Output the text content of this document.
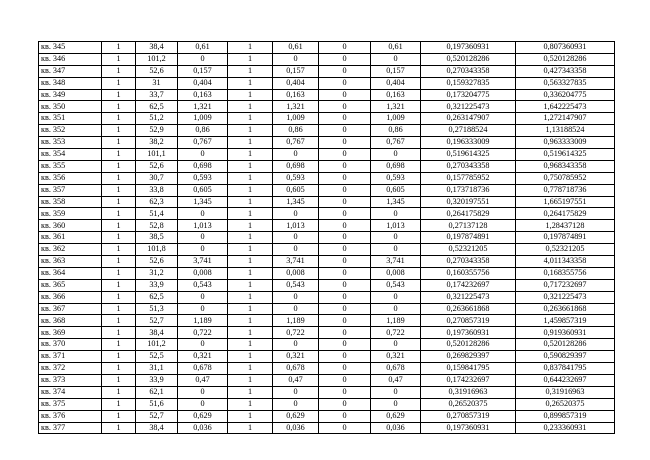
кв. 345	1	38,4	0,61	1	0,61	0	0,61	0,197360931	0,807360931
кв. 346	1	101,2	0	1	0	0	0	0,520128286	0,520128286
кв. 347	1	52,6	0,157	1	0,157	0	0,157	0,270343358	0,427343358
кв. 348	1	31	0,404	1	0,404	0	0,404	0,159327835	0,563327835
кв. 349	1	33,7	0,163	1	0,163	0	0,163	0,173204775	0,336204775
кв. 350	1	62,5	1,321	1	1,321	0	1,321	0,321225473	1,642225473
кв. 351	1	51,2	1,009	1	1,009	0	1,009	0,263147907	1,272147907
кв. 352	1	52,9	0,86	1	0,86	0	0,86	0,27188524	1,13188524
кв. 353	1	38,2	0,767	1	0,767	0	0,767	0,196333009	0,963333009
кв. 354	1	101,1	0	1	0	0	0	0,519614325	0,519614325
кв. 355	1	52,6	0,698	1	0,698	0	0,698	0,270343358	0,968343358
кв. 356	1	30,7	0,593	1	0,593	0	0,593	0,157785952	0,750785952
кв. 357	1	33,8	0,605	1	0,605	0	0,605	0,173718736	0,778718736
кв. 358	1	62,3	1,345	1	1,345	0	1,345	0,320197551	1,665197551
кв. 359	1	51,4	0	1	0	0	0	0,264175829	0,264175829
кв. 360	1	52,8	1,013	1	1,013	0	1,013	0,27137128	1,28437128
кв. 361	1	38,5	0	1	0	0	0	0,197874891	0,197874891
кв. 362	1	101,8	0	1	0	0	0	0,52321205	0,52321205
кв. 363	1	52,6	3,741	1	3,741	0	3,741	0,270343358	4,011343358
кв. 364	1	31,2	0,008	1	0,008	0	0,008	0,160355756	0,168355756
кв. 365	1	33,9	0,543	1	0,543	0	0,543	0,174232697	0,717232697
кв. 366	1	62,5	0	1	0	0	0	0,321225473	0,321225473
кв. 367	1	51,3	0	1	0	0	0	0,263661868	0,263661868
кв. 368	1	52,7	1,189	1	1,189	0	1,189	0,270857319	1,459857319
кв. 369	1	38,4	0,722	1	0,722	0	0,722	0,197360931	0,919360931
кв. 370	1	101,2	0	1	0	0	0	0,520128286	0,520128286
кв. 371	1	52,5	0,321	1	0,321	0	0,321	0,269829397	0,590829397
кв. 372	1	31,1	0,678	1	0,678	0	0,678	0,159841795	0,837841795
кв. 373	1	33,9	0,47	1	0,47	0	0,47	0,174232697	0,644232697
кв. 374	1	62,1	0	1	0	0	0	0,31916963	0,31916963
кв. 375	1	51,6	0	1	0	0	0	0,26520375	0,26520375
кв. 376	1	52,7	0,629	1	0,629	0	0,629	0,270857319	0,899857319
кв. 377	1	38,4	0,036	1	0,036	0	0,036	0,197360931	0,233360931
